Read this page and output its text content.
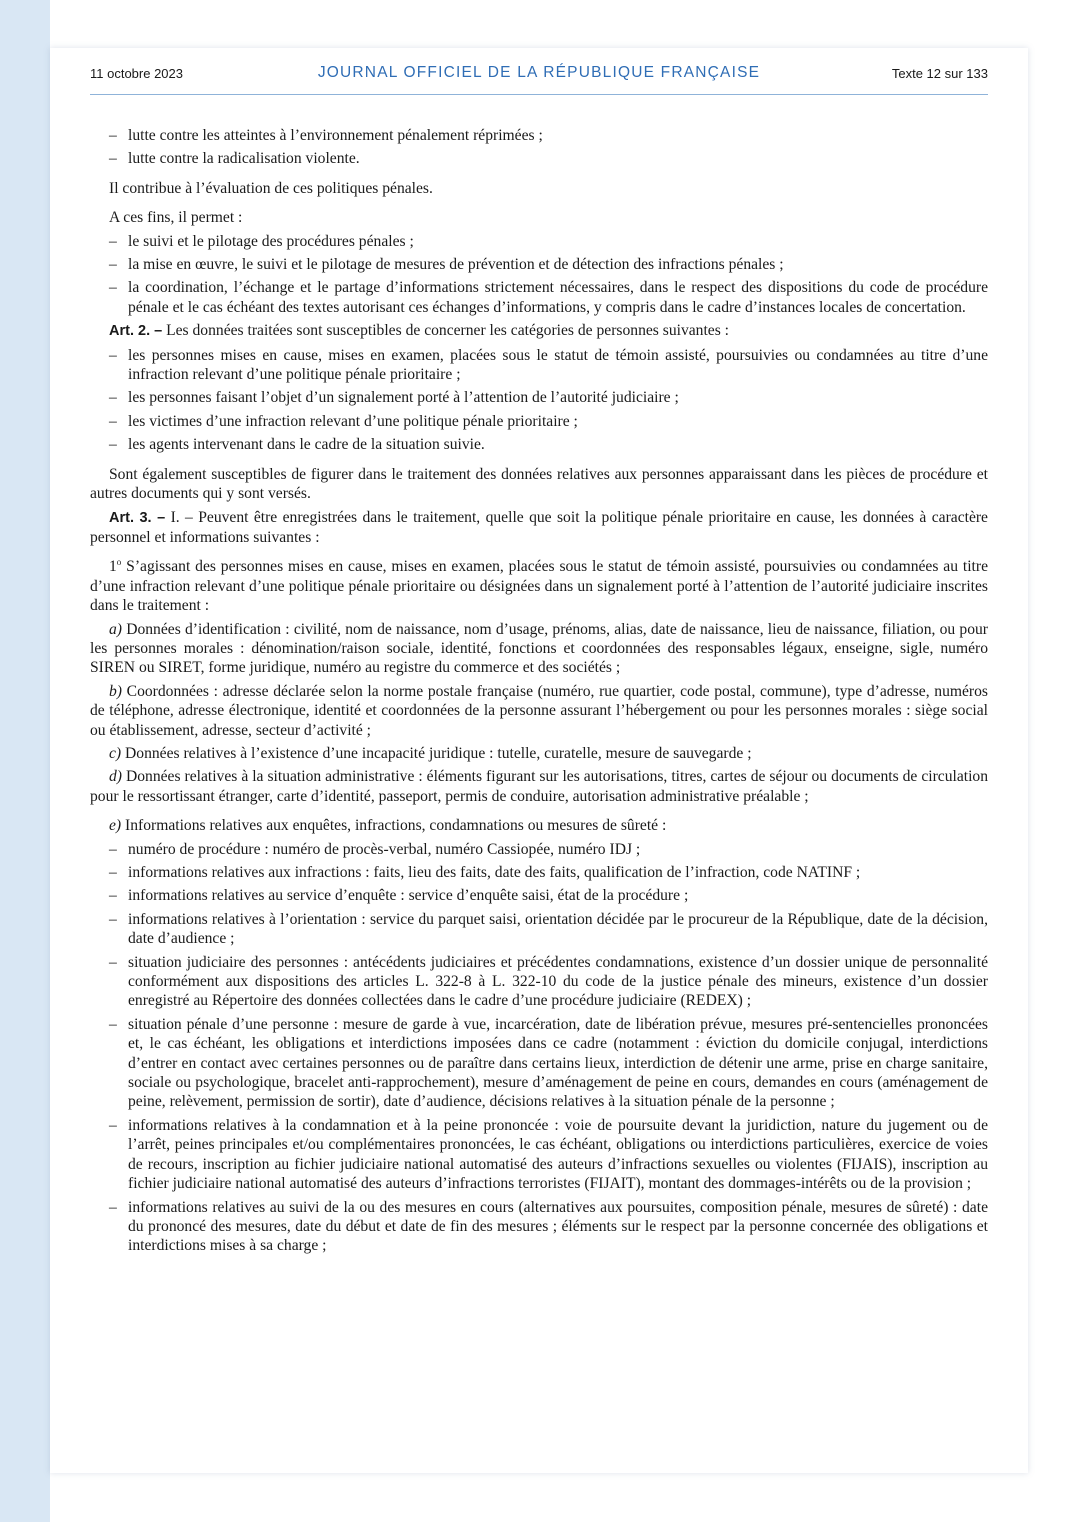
11 octobre 2023	JOURNAL OFFICIEL DE LA RÉPUBLIQUE FRANÇAISE	Texte 12 sur 133
– lutte contre les atteintes à l’environnement pénalement réprimées ;
– lutte contre la radicalisation violente.

Il contribue à l’évaluation de ces politiques pénales.

A ces fins, il permet :

– le suivi et le pilotage des procédures pénales ;
– la mise en œuvre, le suivi et le pilotage de mesures de prévention et de détection des infractions pénales ;
– la coordination, l’échange et le partage d’informations strictement nécessaires, dans le respect des dispositions du code de procédure pénale et le cas échéant des textes autorisant ces échanges d’informations, y compris dans le cadre d’instances locales de concertation.

Art. 2. – Les données traitées sont susceptibles de concerner les catégories de personnes suivantes :

– les personnes mises en cause, mises en examen, placées sous le statut de témoin assisté, poursuivies ou condamnées au titre d’une infraction relevant d’une politique pénale prioritaire ;
– les personnes faisant l’objet d’un signalement porté à l’attention de l’autorité judiciaire ;
– les victimes d’une infraction relevant d’une politique pénale prioritaire ;
– les agents intervenant dans le cadre de la situation suivie.

Sont également susceptibles de figurer dans le traitement des données relatives aux personnes apparaissant dans les pièces de procédure et autres documents qui y sont versés.

Art. 3. – I. – Peuvent être enregistrées dans le traitement, quelle que soit la politique pénale prioritaire en cause, les données à caractère personnel et informations suivantes :

1$^o$ S’agissant des personnes mises en cause, mises en examen, placées sous le statut de témoin assisté, poursuivies ou condamnées au titre d’une infraction relevant d’une politique pénale prioritaire ou désignées dans un signalement porté à l’attention de l’autorité judiciaire inscrites dans le traitement :

a) Données d’identification : civilité, nom de naissance, nom d’usage, prénoms, alias, date de naissance, lieu de naissance, filiation, ou pour les personnes morales : dénomination/raison sociale, identité, fonctions et coordonnées des responsables légaux, enseigne, sigle, numéro SIREN ou SIRET, forme juridique, numéro au registre du commerce et des sociétés ;

b) Coordonnées : adresse déclarée selon la norme postale française (numéro, rue quartier, code postal, commune), type d’adresse, numéros de téléphone, adresse électronique, identité et coordonnées de la personne assurant l’hébergement ou pour les personnes morales : siège social ou établissement, adresse, secteur d’activité ;

c) Données relatives à l’existence d’une incapacité juridique : tutelle, curatelle, mesure de sauvegarde ;

d) Données relatives à la situation administrative : éléments figurant sur les autorisations, titres, cartes de séjour ou documents de circulation pour le ressortissant étranger, carte d’identité, passeport, permis de conduire, autorisation administrative préalable ;

e) Informations relatives aux enquêtes, infractions, condamnations ou mesures de sûreté :

– numéro de procédure : numéro de procès-verbal, numéro Cassiopée, numéro IDJ ;
– informations relatives aux infractions : faits, lieu des faits, date des faits, qualification de l’infraction, code NATINF ;
– informations relatives au service d’enquête : service d’enquête saisi, état de la procédure ;
– informations relatives à l’orientation : service du parquet saisi, orientation décidée par le procureur de la République, date de la décision, date d’audience ;
– situation judiciaire des personnes : antécédents judiciaires et précédentes condamnations, existence d’un dossier unique de personnalité conformément aux dispositions des articles L. 322-8 à L. 322-10 du code de la justice pénale des mineurs, existence d’un dossier enregistré au Répertoire des données collectées dans le cadre d’une procédure judiciaire (REDEX) ;
– situation pénale d’une personne : mesure de garde à vue, incarcération, date de libération prévue, mesures pré-sentencielles prononcées et, le cas échéant, les obligations et interdictions imposées dans ce cadre (notamment : éviction du domicile conjugal, interdictions d’entrer en contact avec certaines personnes ou de paraître dans certains lieux, interdiction de détenir une arme, prise en charge sanitaire, sociale ou psychologique, bracelet anti-rapprochement), mesure d’aménagement de peine en cours, demandes en cours (aménagement de peine, relèvement, permission de sortir), date d’audience, décisions relatives à la situation pénale de la personne ;
– informations relatives à la condamnation et à la peine prononcée : voie de poursuite devant la juridiction, nature du jugement ou de l’arrêt, peines principales et/ou complémentaires prononcées, le cas échéant, obligations ou interdictions particulières, exercice de voies de recours, inscription au fichier judiciaire national automatisé des auteurs d’infractions sexuelles ou violentes (FIJAIS), inscription au fichier judiciaire national automatisé des auteurs d’infractions terroristes (FIJAIT), montant des dommages-intérêts ou de la provision ;
– informations relatives au suivi de la ou des mesures en cours (alternatives aux poursuites, composition pénale, mesures de sûreté) : date du prononcé des mesures, date du début et date de fin des mesures ; éléments sur le respect par la personne concernée des obligations et interdictions mises à sa charge ;
